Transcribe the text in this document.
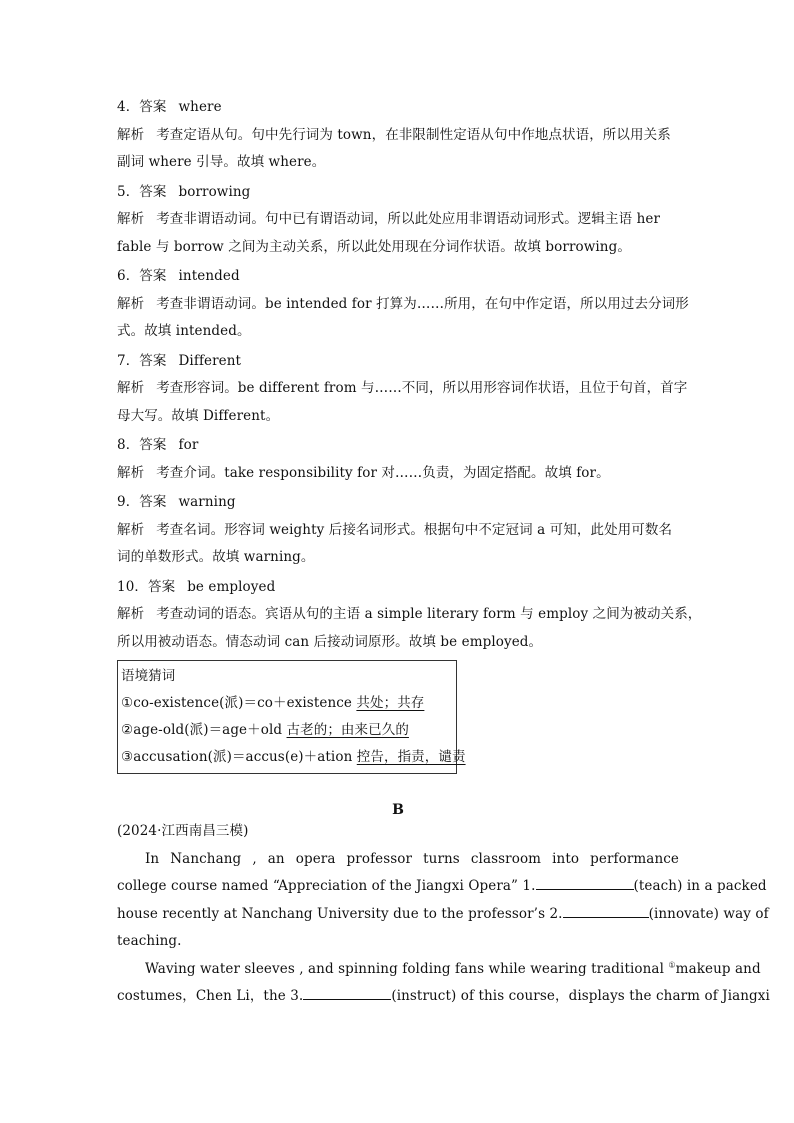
4．答案 where
解析 考查定语从句。句中先行词为 town，在非限制性定语从句中作地点状语，所以用关系
副词 where 引导。故填 where。
5．答案 borrowing
解析 考查非谓语动词。句中已有谓语动词，所以此处应用非谓语动词形式。逻辑主语 her
fable 与 borrow 之间为主动关系，所以此处用现在分词作状语。故填 borrowing。
6．答案 intended
解析 考查非谓语动词。be intended for 打算为……所用，在句中作定语，所以用过去分词形
式。故填 intended。
7．答案 Different
解析 考查形容词。be different from 与……不同，所以用形容词作状语，且位于句首，首字
母大写。故填 Different。
8．答案 for
解析 考查介词。take responsibility for 对……负责，为固定搭配。故填 for。
9．答案 warning
解析 考查名词。形容词 weighty 后接名词形式。根据句中不定冠词 a 可知，此处用可数名
词的单数形式。故填 warning。
10．答案 be employed
解析 考查动词的语态。宾语从句的主语 a simple literary form 与 employ 之间为被动关系，
所以用被动语态。情态动词 can 后接动词原形。故填 be employed。
语境猜词
①co-existence(派)＝co＋existence 共处；共存
②age-old(派)＝age＋old 古老的；由来已久的
③accusation(派)＝accus(e)＋ation 控告，指责，谴责
B
(2024·江西南昌三模)
In Nanchang , an opera professor turns classroom into performance
college course named “Appreciation of the Jiangxi Opera” 1.	(teach) in a packed
house recently at Nanchang University due to the professor’s 2.	(innovate) way of
teaching.
Waving water sleeves , and spinning folding fans while wearing traditional ①makeup and
costumes，Chen Li，the 3.	(instruct) of this course，displays the charm of Jiangxi
